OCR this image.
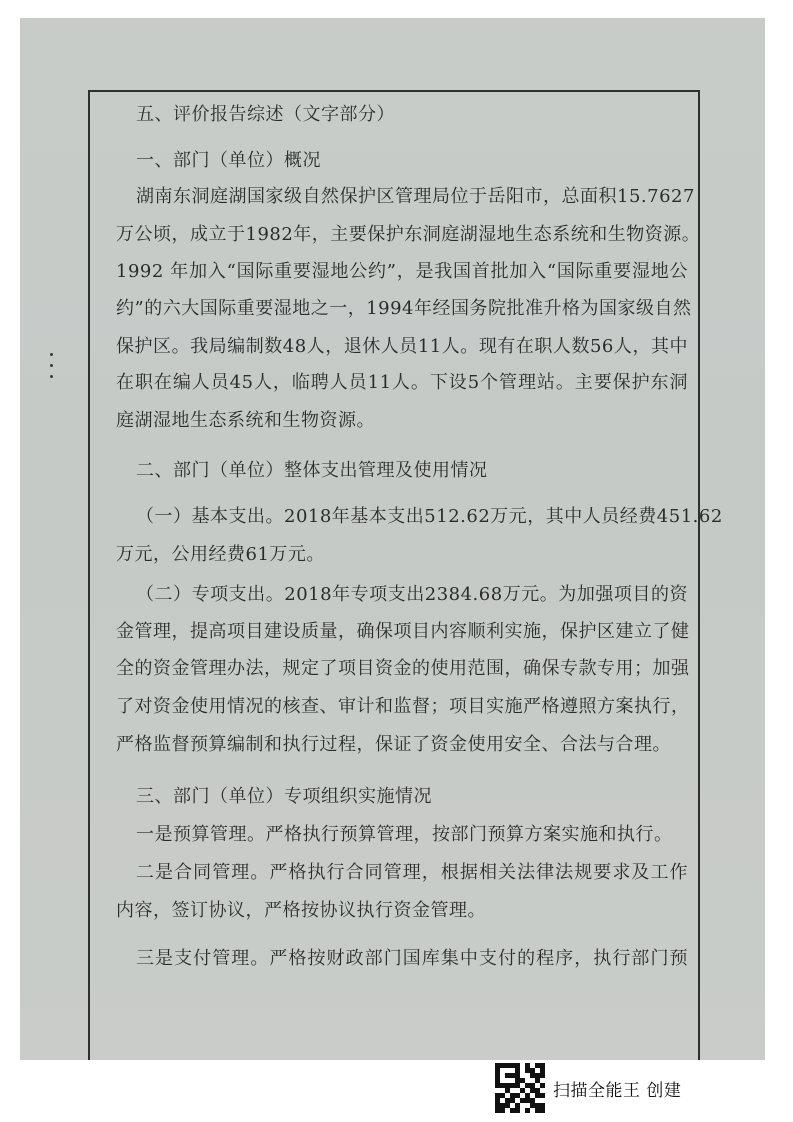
五、评价报告综述（文字部分）
一、部门（单位）概况
湖南东洞庭湖国家级自然保护区管理局位于岳阳市，总面积15.7627
万公顷，成立于1982年，主要保护东洞庭湖湿地生态系统和生物资源。
1992 年加入“国际重要湿地公约”，是我国首批加入“国际重要湿地公
约”的六大国际重要湿地之一，1994年经国务院批准升格为国家级自然
保护区。我局编制数48人，退休人员11人。现有在职人数56人，其中
在职在编人员45人，临聘人员11人。下设5个管理站。主要保护东洞
庭湖湿地生态系统和生物资源。
二、部门（单位）整体支出管理及使用情况
（一）基本支出。2018年基本支出512.62万元，其中人员经费451.62
万元，公用经费61万元。
（二）专项支出。2018年专项支出2384.68万元。为加强项目的资
金管理，提高项目建设质量，确保项目内容顺利实施，保护区建立了健
全的资金管理办法，规定了项目资金的使用范围，确保专款专用；加强
了对资金使用情况的核查、审计和监督；项目实施严格遵照方案执行，
严格监督预算编制和执行过程，保证了资金使用安全、合法与合理。
三、部门（单位）专项组织实施情况
一是预算管理。严格执行预算管理，按部门预算方案实施和执行。
二是合同管理。严格执行合同管理，根据相关法律法规要求及工作
内容，签订协议，严格按协议执行资金管理。
三是支付管理。严格按财政部门国库集中支付的程序，执行部门预
扫描全能王 创建
